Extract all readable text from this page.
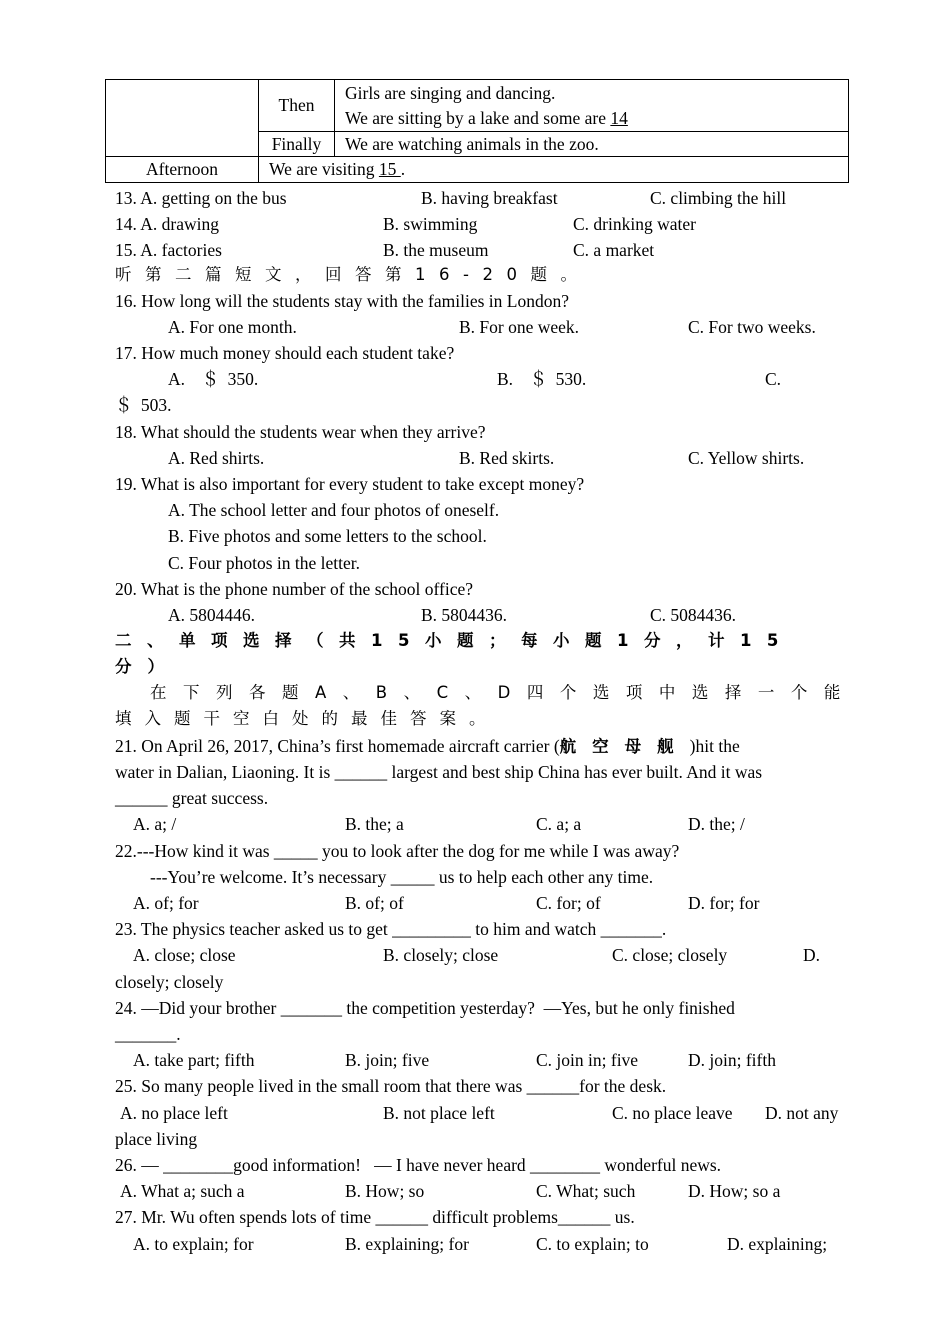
	Then	Girls are singing and dancing.
We are sitting by a lake and some are 14

	Finally	We are watching animals in the zoo.
Afternoon	We are visiting 15 .	
13. A. getting on the bus	B. having breakfast	C. climbing the hill
14. A. drawing	B. swimming	C. drinking water
15. A. factories	B. the museum	C. a market
听第二篇短文，回答第16-20题。
16. How long will the students stay with the families in London?
A. For one month.	B. For one week.	C. For two weeks.
17. How much money should each student take?
A.  ＄ 350.	B.  ＄ 530.	C.
＄ 503.
18. What should the students wear when they arrive?
A. Red shirts.	B. Red skirts.	C. Yellow shirts.
19. What is also important for every student to take except money?
A. The school letter and four photos of oneself.
B. Five photos and some letters to the school.
C. Four photos in the letter.
20. What is the phone number of the school office?
A. 5804446.	B. 5804436.	C. 5084436.
二、单项选择（共15小题；每小题1分，计15
分）
在下列各题A、B、C、D四个选项中选择一个能
填入题干空白处的最佳答案。
21. On April 26, 2017, China’s first homemade aircraft carrier (航空母舰)hit the
water in Dalian, Liaoning. It is ______ largest and best ship China has ever built. And it was
______ great success.
A. a; /	B. the; a	C. a; a	D. the; /
22.---How kind it was _____ you to look after the dog for me while I was away?
---You’re welcome. It’s necessary _____ us to help each other any time.
A. of; for	B. of; of	C. for; of	D. for; for
23. The physics teacher asked us to get _________ to him and watch _______.
A. close; close	B. closely; close	C. close; closely	D.
closely; closely
24. —Did your brother _______ the competition yesterday?  —Yes, but he only finished
_______.
A. take part; fifth	B. join; five	C. join in; five	D. join; fifth
25. So many people lived in the small room that there was ______for the desk.
A. no place left	B. not place left	C. no place leave D. not any
place living
26. — ________good information!   — I have never heard ________ wonderful news.
A. What a; such a	B. How; so	C. What; such	D. How; so a
27. Mr. Wu often spends lots of time ______ difficult problems______ us.
A. to explain; for	B. explaining; for	C. to explain; to	D. explaining;
